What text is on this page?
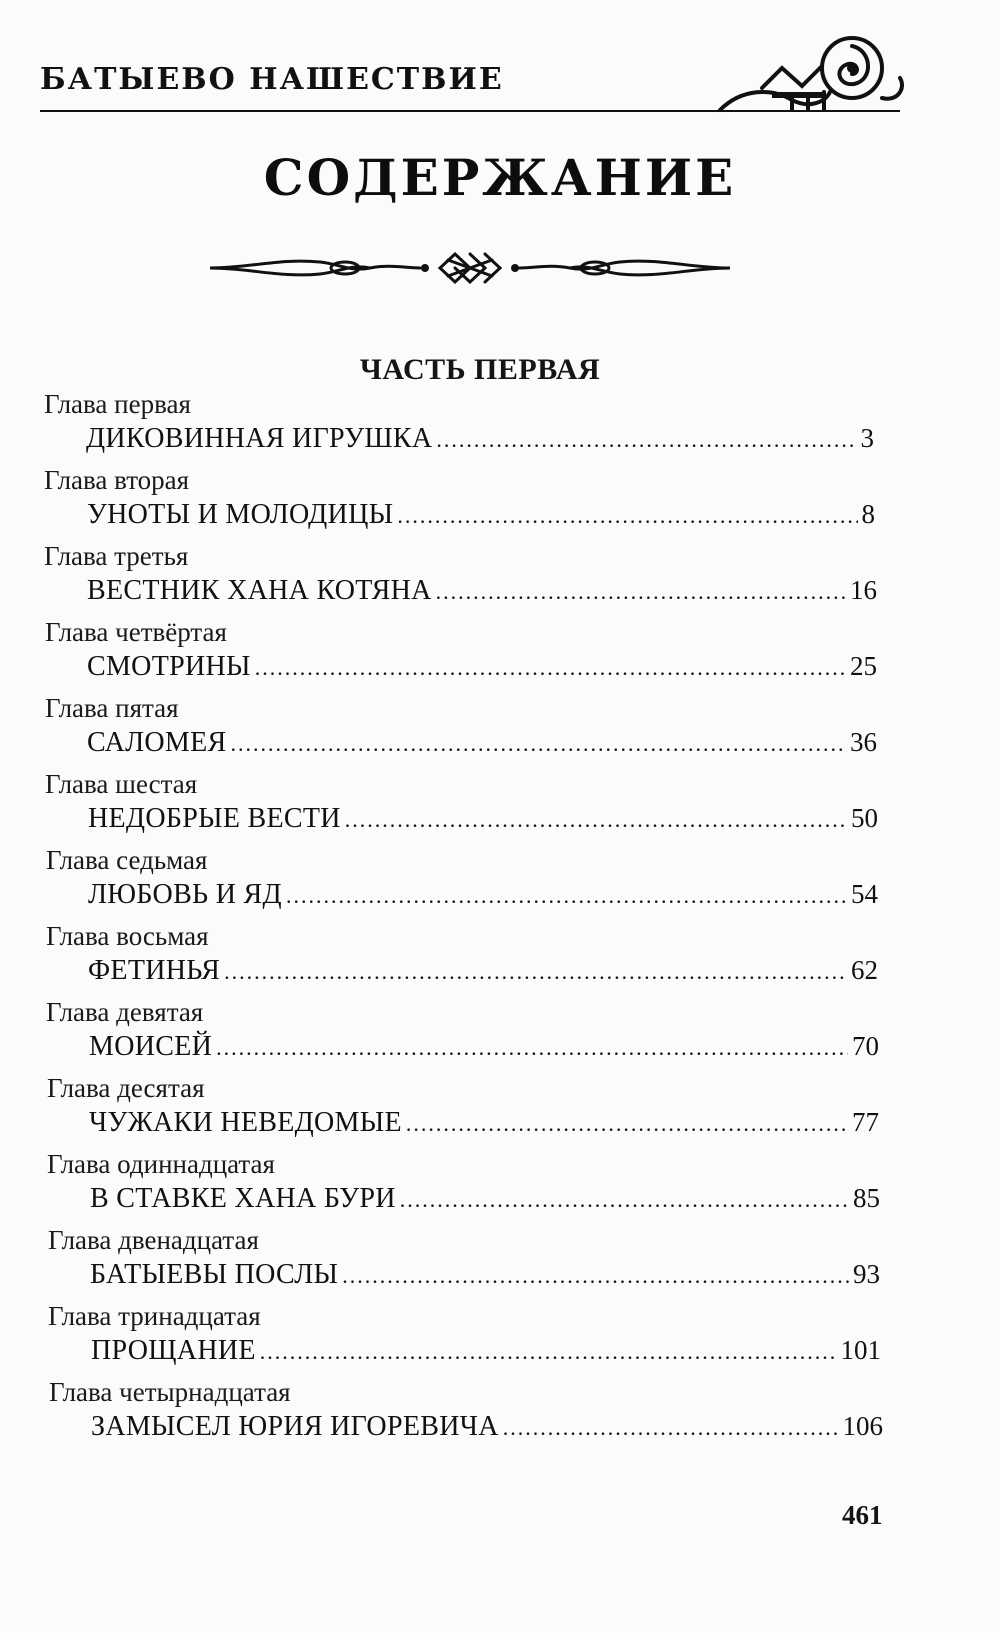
БАТЫЕВО НАШЕСТВИЕ
СОДЕРЖАНИЕ
ЧАСТЬ ПЕРВАЯ
Глава первая
ДИКОВИННАЯ ИГРУШКА .....	3
Глава вторая
УНОТЫ И МОЛОДИЦЫ .....	8
Глава третья
ВЕСТНИК ХАНА КОТЯНА .....	16
Глава четвёртая
СМОТРИНЫ .....	25
Глава пятая
САЛОМЕЯ .....	36
Глава шестая
НЕДОБРЫЕ ВЕСТИ .....	50
Глава седьмая
ЛЮБОВЬ И ЯД .....	54
Глава восьмая
ФЕТИНЬЯ .....	62
Глава девятая
МОИСЕЙ .....	70
Глава десятая
ЧУЖАКИ НЕВЕДОМЫЕ .....	77
Глава одиннадцатая
В СТАВКЕ ХАНА БУРИ .....	85
Глава двенадцатая
БАТЫЕВЫ ПОСЛЫ .....	93
Глава тринадцатая
ПРОЩАНИЕ .....	101
Глава четырнадцатая
ЗАМЫСЕЛ ЮРИЯ ИГОРЕВИЧА .....	106
461
